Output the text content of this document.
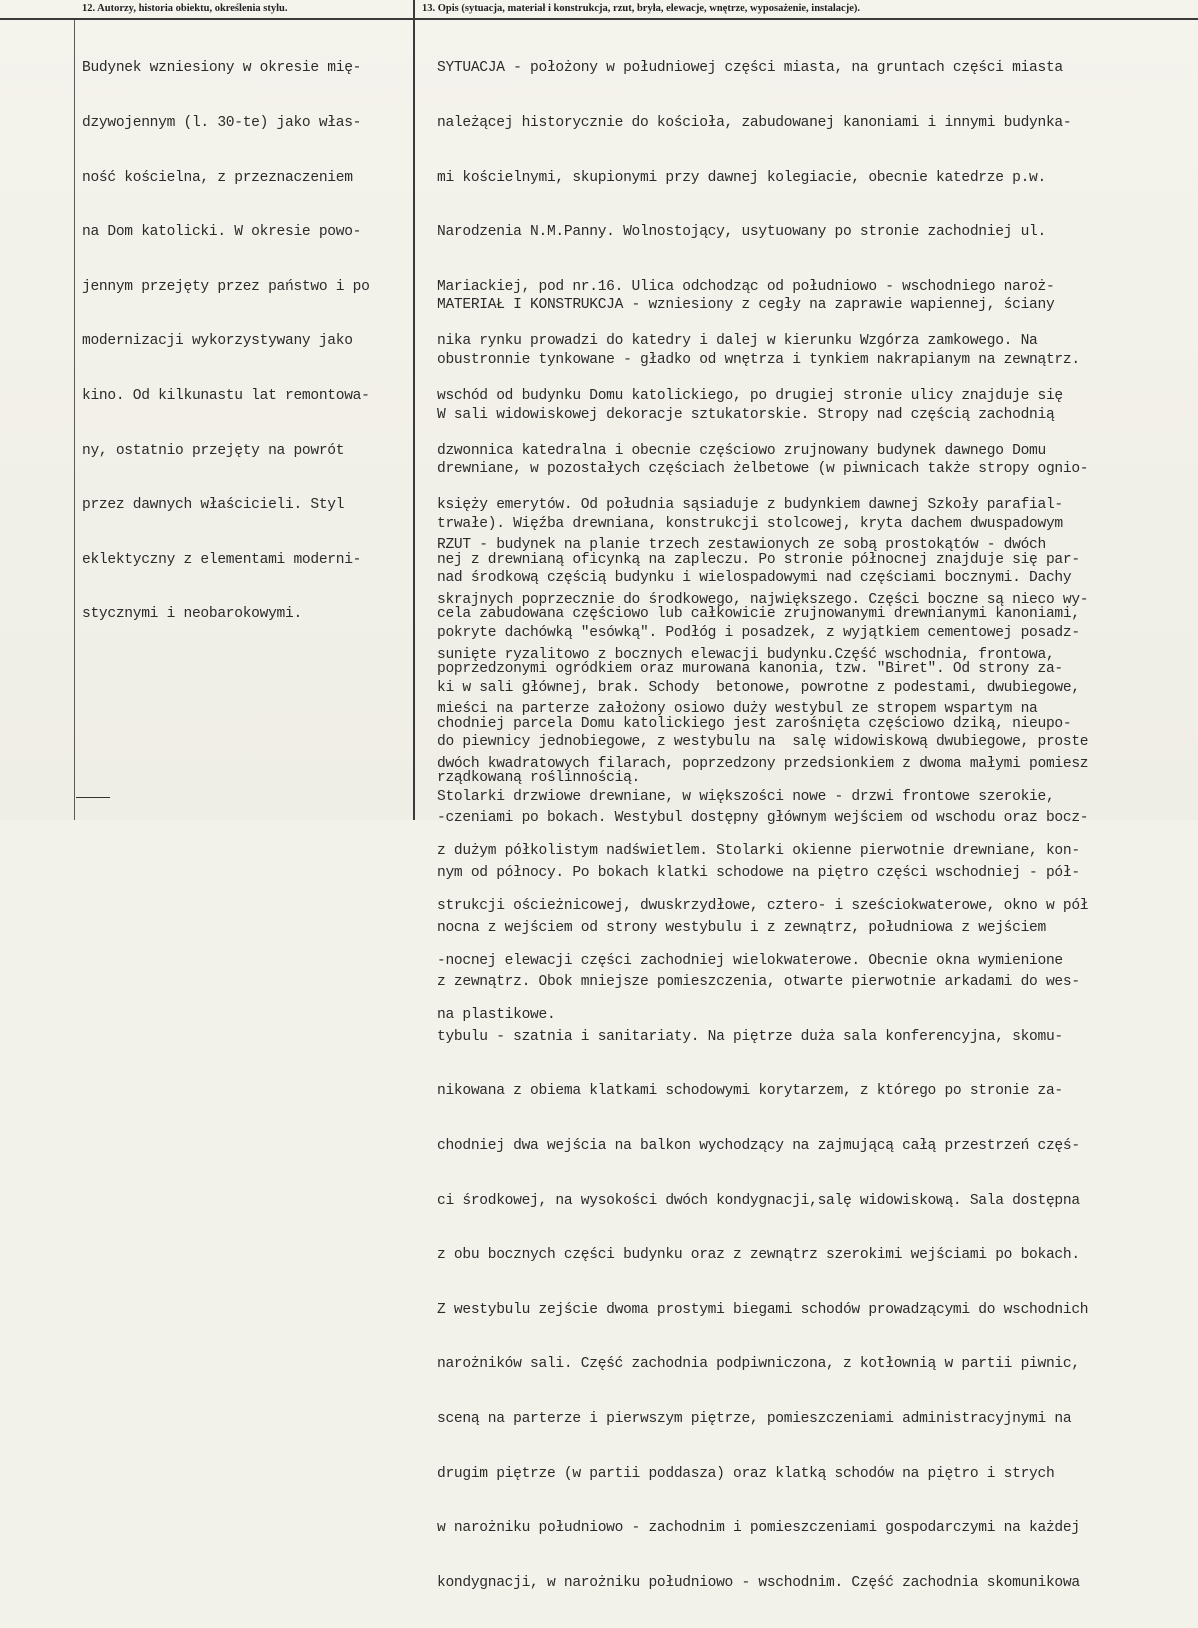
12. Autorzy, historia obiektu, określenia stylu.	13. Opis (sytuacja, materiał i konstrukcja, rzut, bryła, elewacje, wnętrze, wyposażenie, instalacje).

Budynek wzniesiony w okresie mię-

dzywojennym (l. 30-te) jako włas-

ność kościelna, z przeznaczeniem

na Dom katolicki. W okresie powo-

jennym przejęty przez państwo i po

modernizacji wykorzystywany jako

kino. Od kilkunastu lat remontowa-

ny, ostatnio przejęty na powrót

przez dawnych właścicieli. Styl

eklektyczny z elementami moderni-

stycznymi i neobarokowymi.

SYTUACJA - położony w południowej części miasta, na gruntach części miasta

należącej historycznie do kościoła, zabudowanej kanoniami i innymi budynka-

mi kościelnymi, skupionymi przy dawnej kolegiacie, obecnie katedrze p.w.

Narodzenia N.M.Panny. Wolnostojący, usytuowany po stronie zachodniej ul.

Mariackiej, pod nr.16. Ulica odchodząc od południowo - wschodniego naroż-

nika rynku prowadzi do katedry i dalej w kierunku Wzgórza zamkowego. Na

wschód od budynku Domu katolickiego, po drugiej stronie ulicy znajduje się

dzwonnica katedralna i obecnie częściowo zrujnowany budynek dawnego Domu

księży emerytów. Od południa sąsiaduje z budynkiem dawnej Szkoły parafial-

nej z drewnianą oficynką na zapleczu. Po stronie północnej znajduje się par-

cela zabudowana częściowo lub całkowicie zrujnowanymi drewnianymi kanoniami,

poprzedzonymi ogródkiem oraz murowana kanonia, tzw. "Biret". Od strony za-

chodniej parcela Domu katolickiego jest zarośnięta częściowo dziką, nieupo-

rządkowaną roślinnością.

MATERIAŁ I KONSTRUKCJA - wzniesiony z cegły na zaprawie wapiennej, ściany

obustronnie tynkowane - gładko od wnętrza i tynkiem nakrapianym na zewnątrz.

W sali widowiskowej dekoracje sztukatorskie. Stropy nad częścią zachodnią

drewniane, w pozostałych częściach żelbetowe (w piwnicach także stropy ognio-

trwałe). Więźba drewniana, konstrukcji stolcowej, kryta dachem dwuspadowym

nad środkową częścią budynku i wielospadowymi nad częściami bocznymi. Dachy

pokryte dachówką "esówką". Podłóg i posadzek, z wyjątkiem cementowej posadz-

ki w sali głównej, brak. Schody  betonowe, powrotne z podestami, dwubiegowe,

do piewnicy jednobiegowe, z westybulu na  salę widowiskową dwubiegowe, proste

Stolarki drzwiowe drewniane, w większości nowe - drzwi frontowe szerokie,

z dużym półkolistym nadświetlem. Stolarki okienne pierwotnie drewniane, kon-

strukcji ościeżnicowej, dwuskrzydłowe, cztero- i sześciokwaterowe, okno w pół

-nocnej elewacji części zachodniej wielokwaterowe. Obecnie okna wymienione

na plastikowe.

RZUT - budynek na planie trzech zestawionych ze sobą prostokątów - dwóch

skrajnych poprzecznie do środkowego, największego. Części boczne są nieco wy-

sunięte ryzalitowo z bocznych elewacji budynku.Część wschodnia, frontowa,

mieści na parterze założony osiowo duży westybul ze stropem wspartym na

dwóch kwadratowych filarach, poprzedzony przedsionkiem z dwoma małymi pomiesz

-czeniami po bokach. Westybul dostępny głównym wejściem od wschodu oraz bocz-

nym od północy. Po bokach klatki schodowe na piętro części wschodniej - pół-

nocna z wejściem od strony westybulu i z zewnątrz, południowa z wejściem

z zewnątrz. Obok mniejsze pomieszczenia, otwarte pierwotnie arkadami do wes-

tybulu - szatnia i sanitariaty. Na piętrze duża sala konferencyjna, skomu-

nikowana z obiema klatkami schodowymi korytarzem, z którego po stronie za-

chodniej dwa wejścia na balkon wychodzący na zajmującą całą przestrzeń częś-

ci środkowej, na wysokości dwóch kondygnacji,salę widowiskową. Sala dostępna

z obu bocznych części budynku oraz z zewnątrz szerokimi wejściami po bokach.

Z westybulu zejście dwoma prostymi biegami schodów prowadzącymi do wschodnich

narożników sali. Część zachodnia podpiwniczona, z kotłownią w partii piwnic,

sceną na parterze i pierwszym piętrze, pomieszczeniami administracyjnymi na

drugim piętrze (w partii poddasza) oraz klatką schodów na piętro i strych

w narożniku południowo - zachodnim i pomieszczeniami gospodarczymi na każdej

kondygnacji, w narożniku południowo - wschodnim. Część zachodnia skomunikowa
